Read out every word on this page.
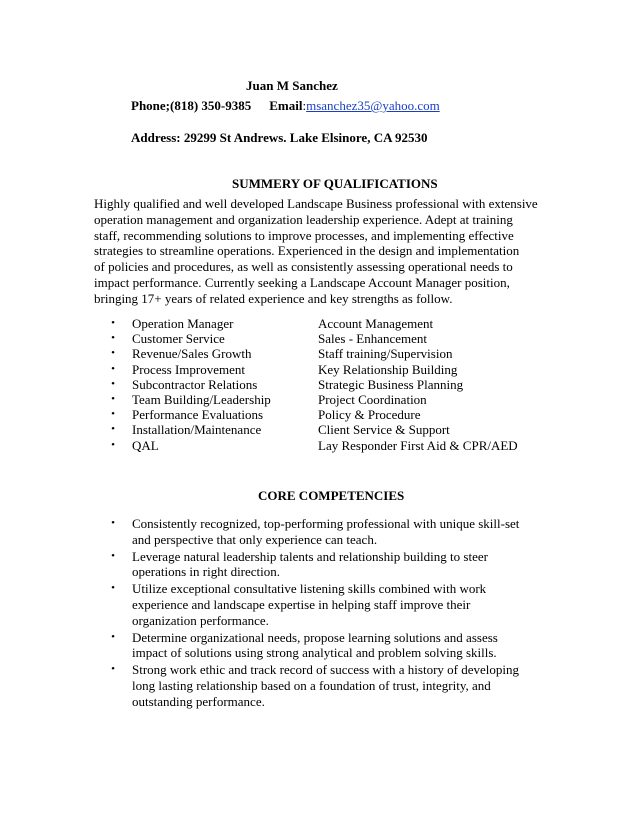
Juan M Sanchez
Phone;(818) 350-9385 Email:msanchez35@yahoo.com
Address: 29299 St Andrews. Lake Elsinore, CA 92530
SUMMERY OF QUALIFICATIONS

Highly qualified and well developed Landscape Business professional with extensive

operation management and organization leadership experience. Adept at training

staff, recommending solutions to improve processes, and implementing effective

strategies to streamline operations. Experienced in the design and implementation

of policies and procedures, as well as consistently assessing operational needs to

impact performance. Currently seeking a Landscape Account Manager position,

bringing 17+ years of related experience and key strengths as follow.

•	Operation Manager	Account Management
•	Customer Service	Sales - Enhancement
•	Revenue/Sales Growth	Staff training/Supervision
•	Process Improvement	Key Relationship Building
•	Subcontractor Relations	Strategic Business Planning
•	Team Building/Leadership	Project Coordination
•	Performance Evaluations	Policy & Procedure
•	Installation/Maintenance	Client Service & Support
•	QAL	Lay Responder First Aid & CPR/AED
CORE COMPETENCIES
•	Consistently recognized, top-performing professional with unique skill-set

and perspective that only experience can teach.

•	Leverage natural leadership talents and relationship building to steer

operations in right direction.

•	Utilize exceptional consultative listening skills combined with work

experience and landscape expertise in helping staff improve their

organization performance.

•	Determine organizational needs, propose learning solutions and assess

impact of solutions using strong analytical and problem solving skills.

•	Strong work ethic and track record of success with a history of developing

long lasting relationship based on a foundation of trust, integrity, and

outstanding performance.
